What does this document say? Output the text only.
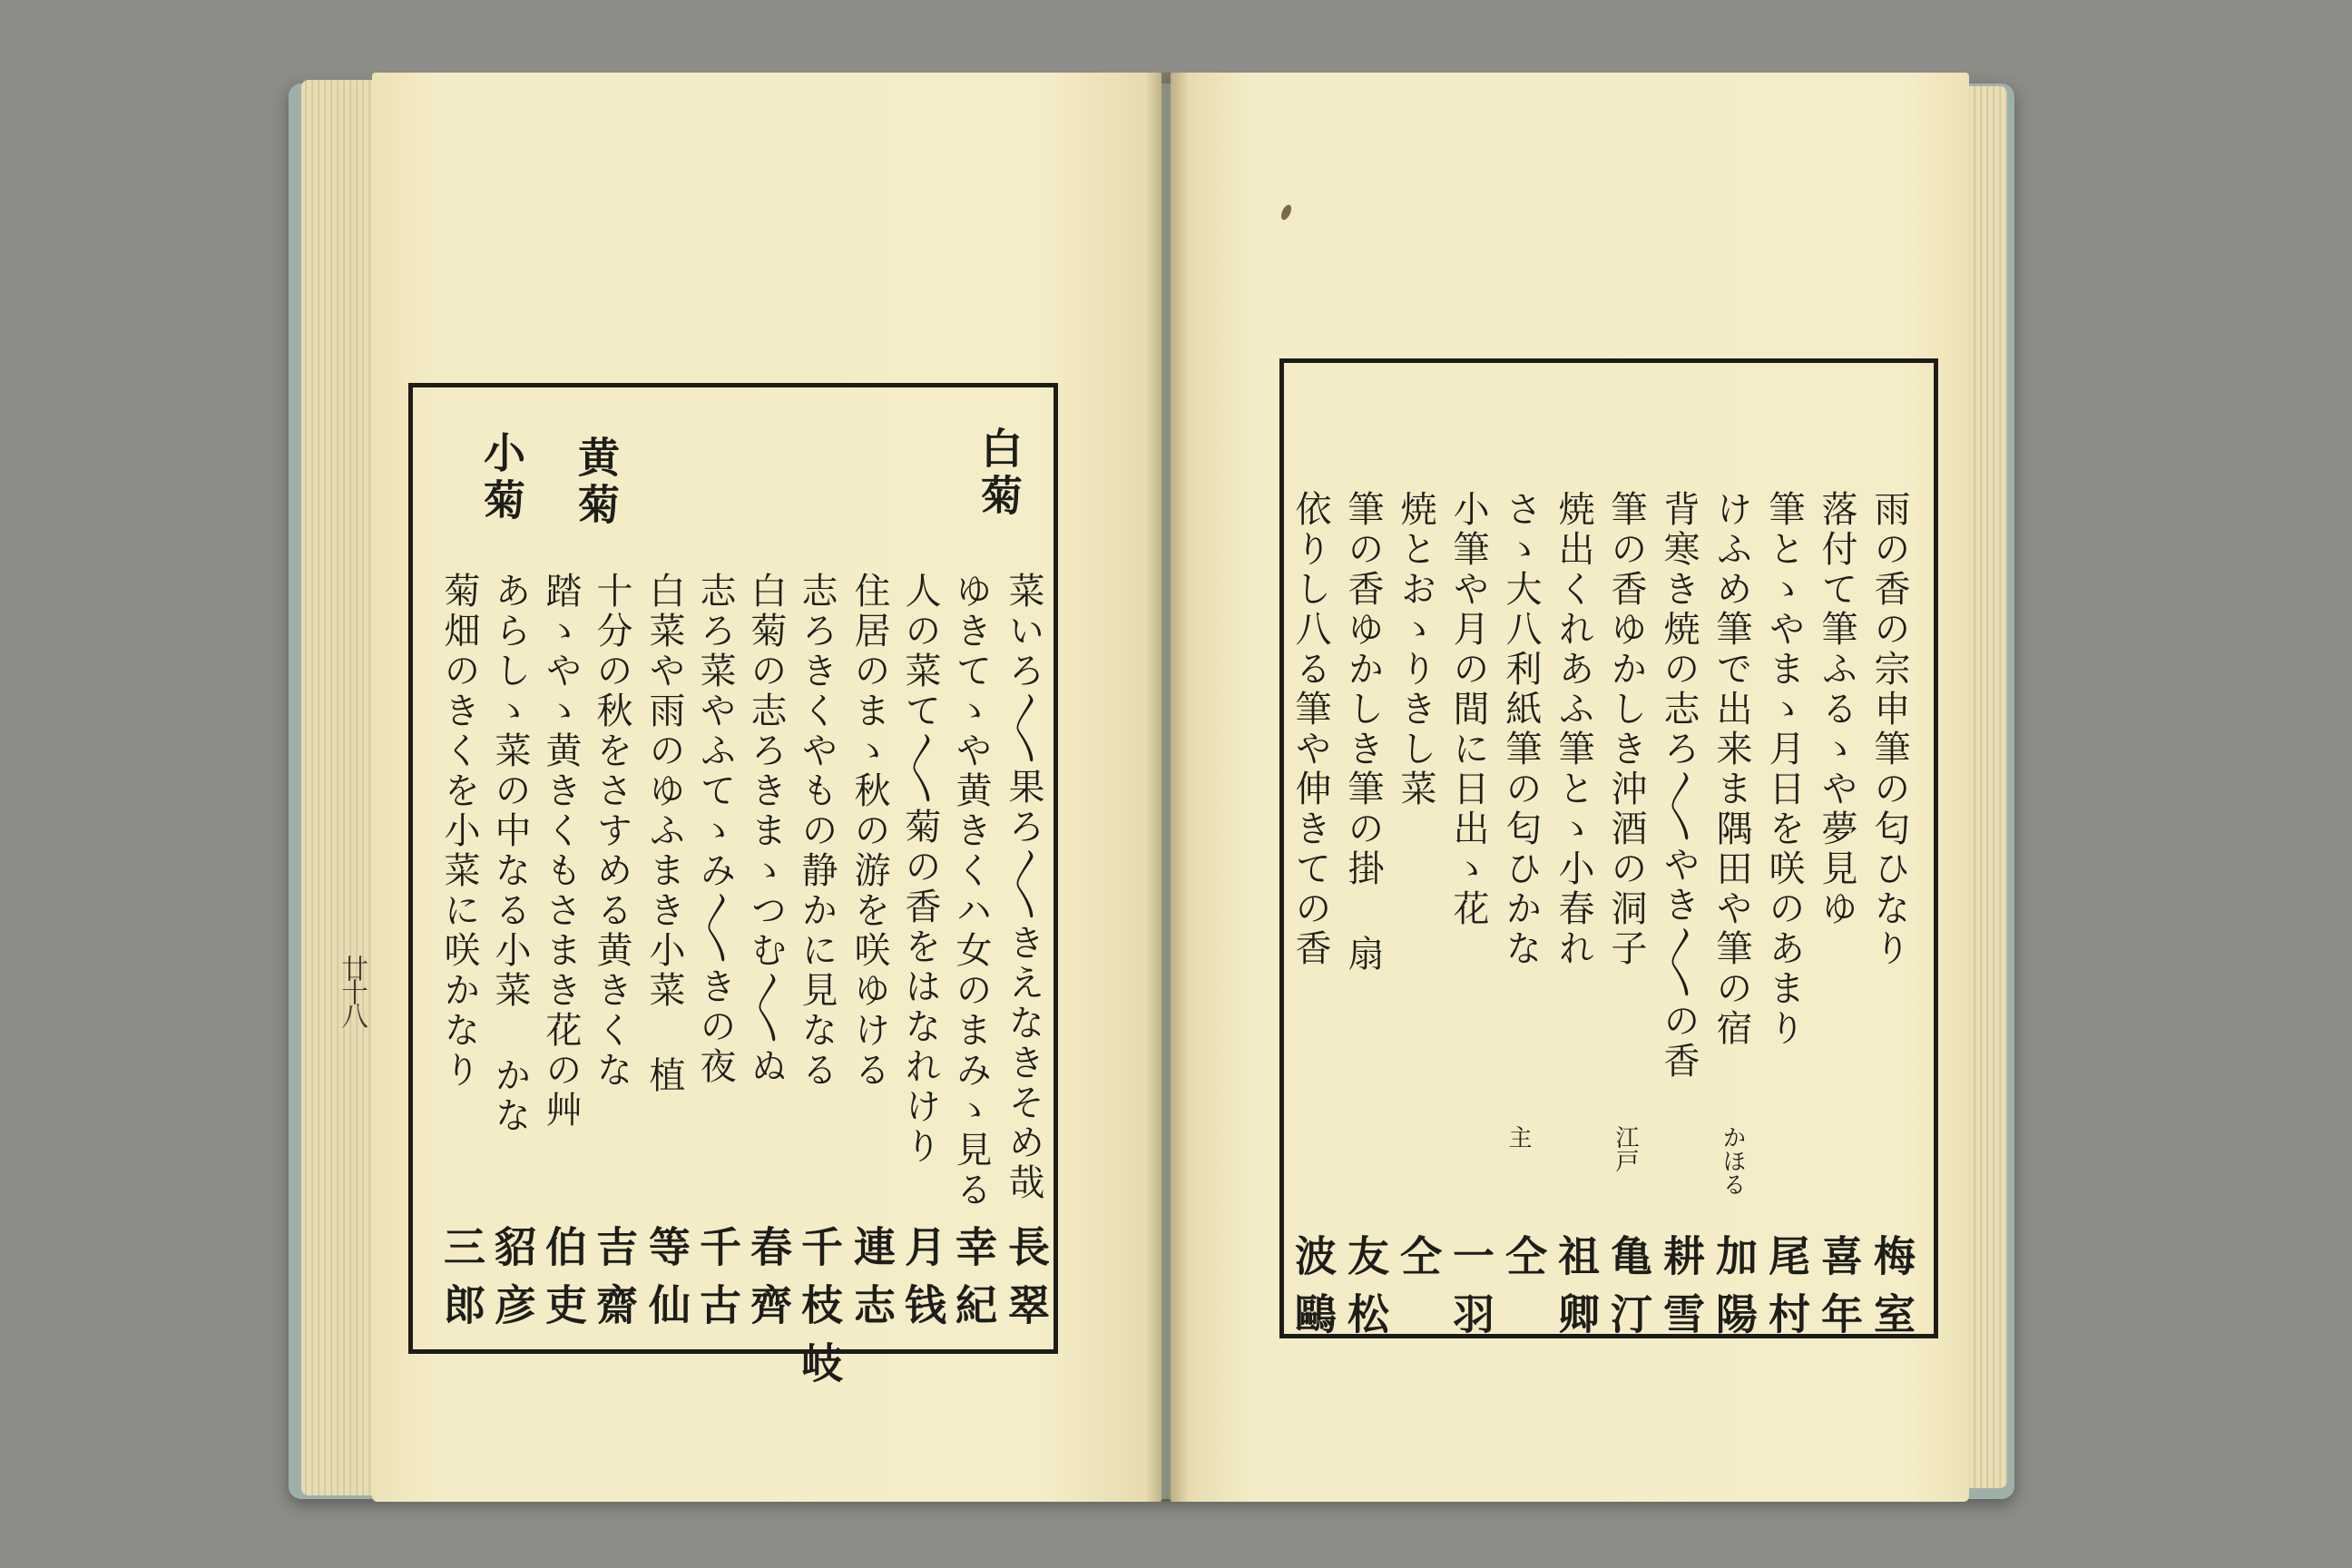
廿十八
白菊
黄菊
小菊
菜いろ〳〵果ろ〳〵きえなきそめ哉
ゆきてゝや黄きくハ女のまみゝ見る
人の菜て〳〵菊の香をはなれけり
住居のまゝ秋の游を咲ゆける
志ろきくやもの静かに見なる
白菊の志ろきまゝつむ〳〵ぬ
志ろ菜やふてゝみ〳〵きの夜
白菜や雨のゆふまき小菜 植
十分の秋をさすめる黄きくな
踏ゝやゝ黄きくもさまき花の艸
あらしゝ菜の中なる小菜 かな
菊畑のきくを小菜に咲かなり
長翠
幸紀
月钱
連志
千枝岐
春齊
千古
等仙
吉齋
伯吏
貂彦
三郎
雨の香の宗申筆の匂ひなり
落付て筆ふるゝや夢見ゆ
筆とゝやまゝ月日を咲のあまり
けふめ筆で出来ま隅田や筆の宿
背寒き焼の志ろ〳〵やき〳〵の香
筆の香ゆかしき沖酒の洞子
焼出くれあふ筆とゝ小春れ
さゝ大八利紙筆の匂ひかな
小筆や月の間に日出ゝ花
焼とおゝりきし菜
筆の香ゆかしき筆の掛 扇
依りし八る筆や伸きての香
梅室
喜年
尾村
加陽
耕雪
亀汀
祖卿
仝
一羽
仝
友松
波鷗
かほる
江戸
主
